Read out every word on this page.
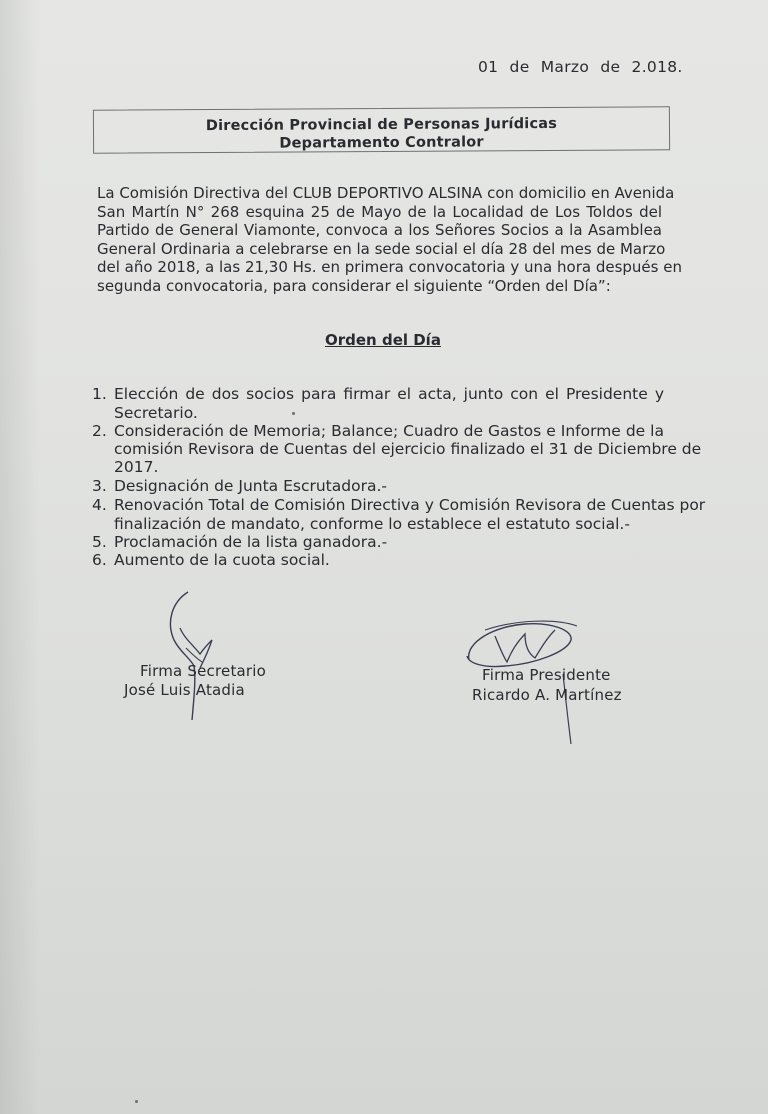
01 de Marzo de 2.018.
Dirección Provincial de Personas Jurídicas
Departamento Contralor
La Comisión Directiva del CLUB DEPORTIVO ALSINA con domicilio en Avenida
San Martín N° 268 esquina 25 de Mayo de la Localidad de Los Toldos del
Partido de General Viamonte, convoca a los Señores Socios a la Asamblea
General Ordinaria a celebrarse en la sede social el día 28 del mes de Marzo
del año 2018, a las 21,30 Hs. en primera convocatoria y una hora después en
segunda convocatoria, para considerar el siguiente “Orden del Día”:
Orden del Día
1. Elección de dos socios para firmar el acta, junto con el Presidente y
Secretario.
2. Consideración de Memoria; Balance; Cuadro de Gastos e Informe de la
comisión Revisora de Cuentas del ejercicio finalizado el 31 de Diciembre de
2017.
3. Designación de Junta Escrutadora.-
4. Renovación Total de Comisión Directiva y Comisión Revisora de Cuentas por
finalización de mandato, conforme lo establece el estatuto social.-
5. Proclamación de la lista ganadora.-
6. Aumento de la cuota social.
Firma Secretario
José Luis Atadia
Firma Presidente
Ricardo A. Martínez
